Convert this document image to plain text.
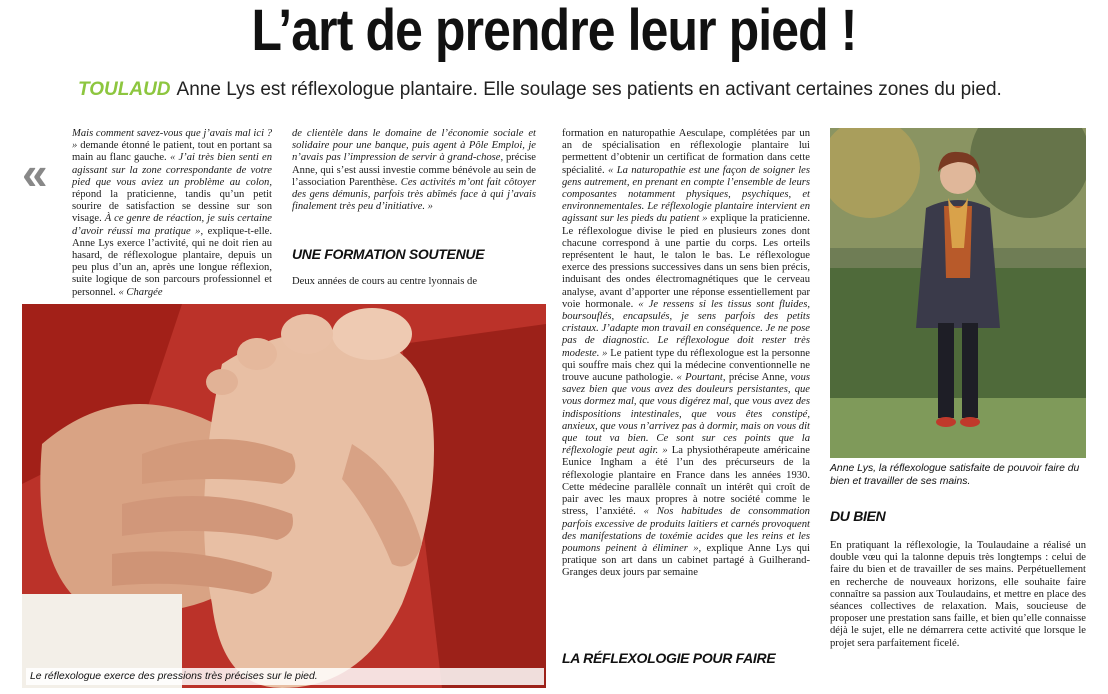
L’art de prendre leur pied !
TOULAUD Anne Lys est réflexologue plantaire. Elle soulage ses patients en activant certaines zones du pied.
«

Mais comment savez-vous que j’avais mal ici ? » demande étonné le patient, tout en portant sa main au flanc gauche. « J’ai très bien senti en agissant sur la zone correspondante de votre pied que vous aviez un problème au colon, répond la praticienne, tandis qu’un petit sourire de satisfaction se dessine sur son visage. À ce genre de réaction, je suis certaine d’avoir réussi ma pratique », explique-t-elle. Anne Lys exerce l’activité, qui ne doit rien au hasard, de réflexologue plantaire, depuis un peu plus d’un an, après une longue réflexion, suite logique de son parcours professionnel et personnel. « Chargée

de clientèle dans le domaine de l’économie sociale et solidaire pour une banque, puis agent à Pôle Emploi, je n’avais pas l’impression de servir à grand-chose, précise Anne, qui s’est aussi investie comme bénévole au sein de l’association Parenthèse. Ces activités m’ont fait côtoyer des gens démunis, parfois très abîmés face à qui j’avais finalement très peu d’initiative. »

UNE FORMATION SOUTENUE

Deux années de cours au centre lyonnais de

Le réflexologue exerce des pressions très précises sur le pied.

formation en naturopathie Aesculape, complétées par un an de spécialisation en réflexologie plantaire lui permettent d’obtenir un certificat de formation dans cette spécialité. « La naturopathie est une façon de soigner les gens autrement, en prenant en compte l’ensemble de leurs composantes notamment physiques, psychiques, et environnementales. Le réflexologie plantaire intervient en agissant sur les pieds du patient » explique la praticienne. Le réflexologue divise le pied en plusieurs zones dont chacune correspond à une partie du corps. Les orteils représentent le haut, le talon le bas. Le réflexologue exerce des pressions successives dans un sens bien précis, induisant des ondes électromagnétiques que le cerveau analyse, avant d’apporter une réponse essentiellement par voie hormonale. « Je ressens si les tissus sont fluides, boursouflés, encapsulés, je sens parfois des petits cristaux. J’adapte mon travail en conséquence. Je ne pose pas de diagnostic. Le réflexologue doit rester très modeste. » Le patient type du réflexologue est la personne qui souffre mais chez qui la médecine conventionnelle ne trouve aucune pathologie. « Pourtant, précise Anne, vous savez bien que vous avez des douleurs persistantes, que vous dormez mal, que vous digérez mal, que vous avez des indispositions intestinales, que vous êtes constipé, anxieux, que vous n’arrivez pas à dormir, mais on vous dit que tout va bien. Ce sont sur ces points que la réflexologie peut agir. » La physiothérapeute américaine Eunice Ingham a été l’un des précurseurs de la réflexologie plantaire en France dans les années 1930. Cette médecine parallèle connaît un intérêt qui croît de pair avec les maux propres à notre société comme le stress, l’anxiété. « Nos habitudes de consommation parfois excessive de produits laitiers et carnés provoquent des manifestations de toxémie acides que les reins et les poumons peinent à éliminer », explique Anne Lys qui pratique son art dans un cabinet partagé à Guilherand-Granges deux jours par semaine

LA RÉFLEXOLOGIE POUR FAIRE
Anne Lys, la réflexologue satisfaite de pouvoir faire du bien et travailler de ses mains.
DU BIEN

En pratiquant la réflexologie, la Toulaudaine a réalisé un double vœu qui la talonne depuis très longtemps : celui de faire du bien et de travailler de ses mains. Perpétuellement en recherche de nouveaux horizons, elle souhaite faire connaître sa passion aux Toulaudains, et mettre en place des séances collectives de relaxation. Mais, soucieuse de proposer une prestation sans faille, et bien qu’elle connaisse déjà le sujet, elle ne démarrera cette activité que lorsque le projet sera parfaitement ficelé.
